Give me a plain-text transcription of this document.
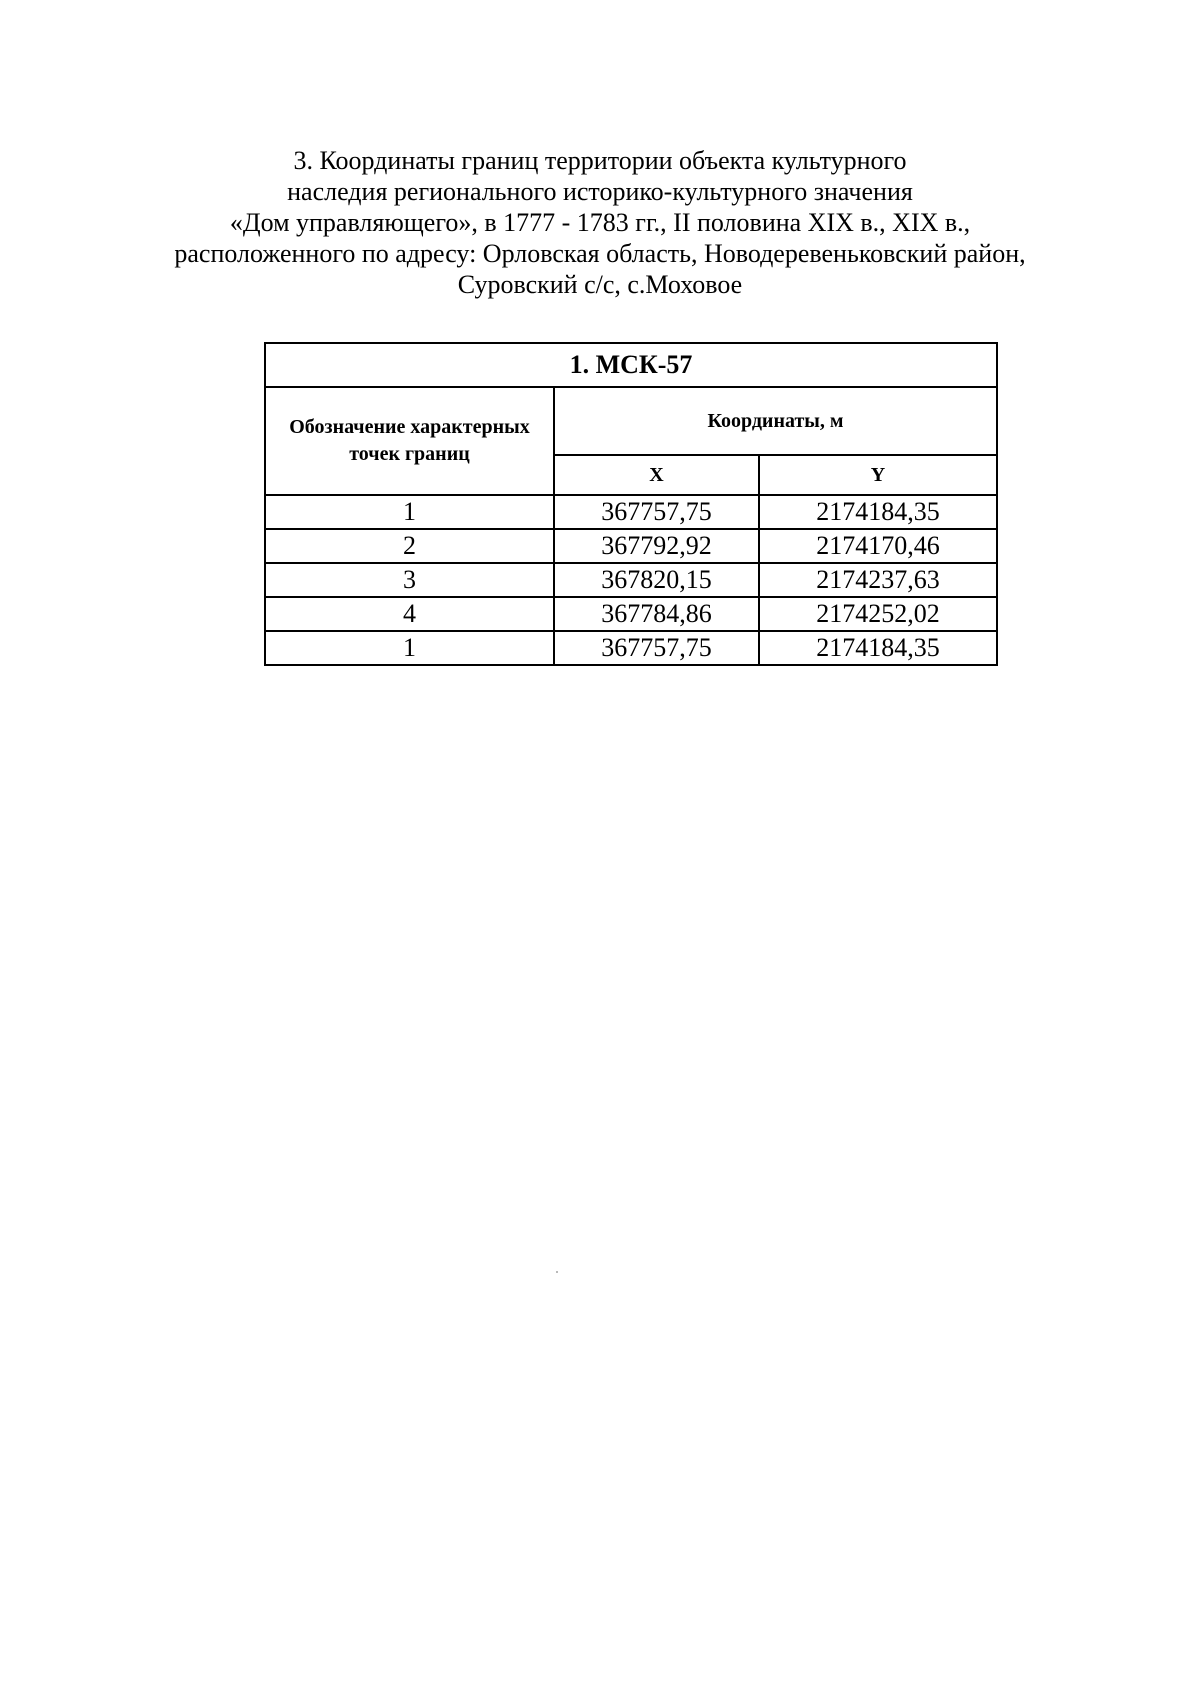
3. Координаты границ территории объекта культурного
наследия регионального историко-культурного значения
«Дом управляющего», в 1777 - 1783 гг., II половина XIX в., XIX в.,
расположенного по адресу: Орловская область, Новодеревеньковский район,
Суровский с/с, с.Моховое
1. МСК-57		
Обозначение характерных точек границ	Координаты, м	
	X	Y
1	367757,75	2174184,35
2	367792,92	2174170,46
3	367820,15	2174237,63
4	367784,86	2174252,02
1	367757,75	2174184,35
